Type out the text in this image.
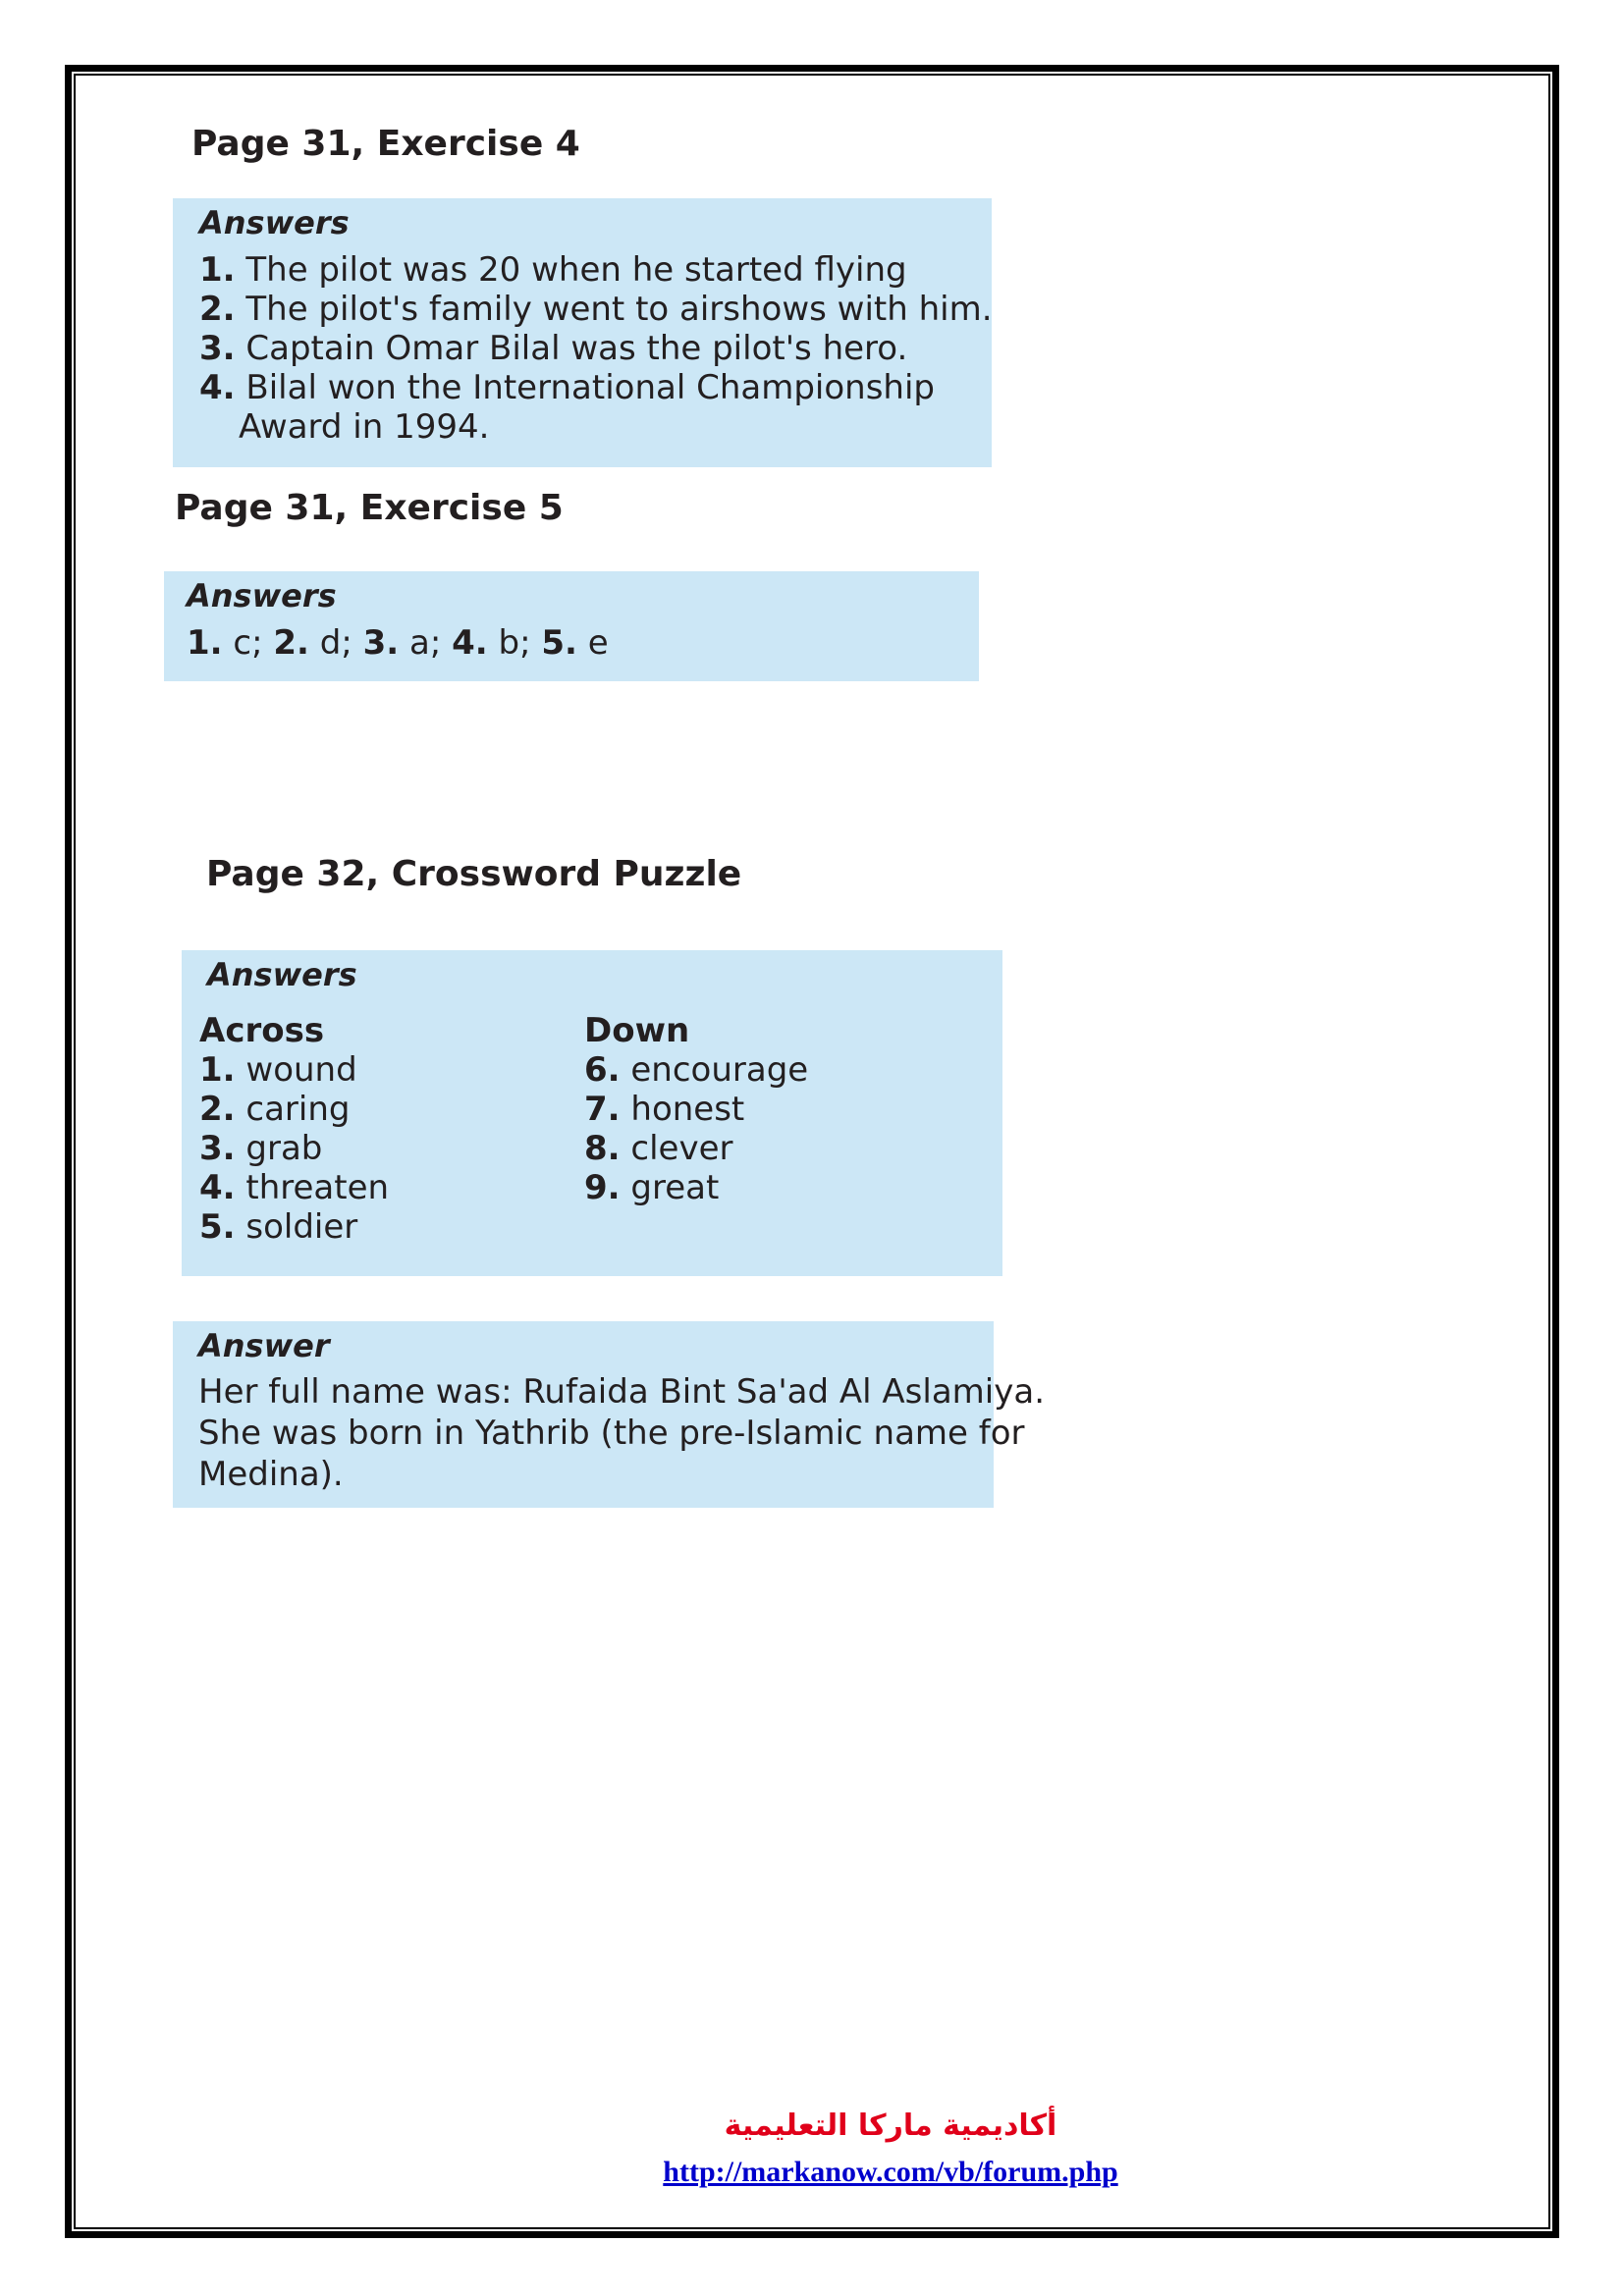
Page 31, Exercise 4
Answers
1. The pilot was 20 when he started flying
2. The pilot's family went to airshows with him.
3. Captain Omar Bilal was the pilot's hero.
4. Bilal won the International Championship
Award in 1994.
Page 31, Exercise 5
Answers
1. c; 2. d; 3. a; 4. b; 5. e
Page 32, Crossword Puzzle
Answers
Across
1. wound
2. caring
3. grab
4. threaten
5. soldier
Down
6. encourage
7. honest
8. clever
9. great
Answer
Her full name was: Rufaida Bint Sa'ad Al Aslamiya.
She was born in Yathrib (the pre-Islamic name for
Medina).
أكاديمية ماركا التعليمية
http://markanow.com/vb/forum.php
